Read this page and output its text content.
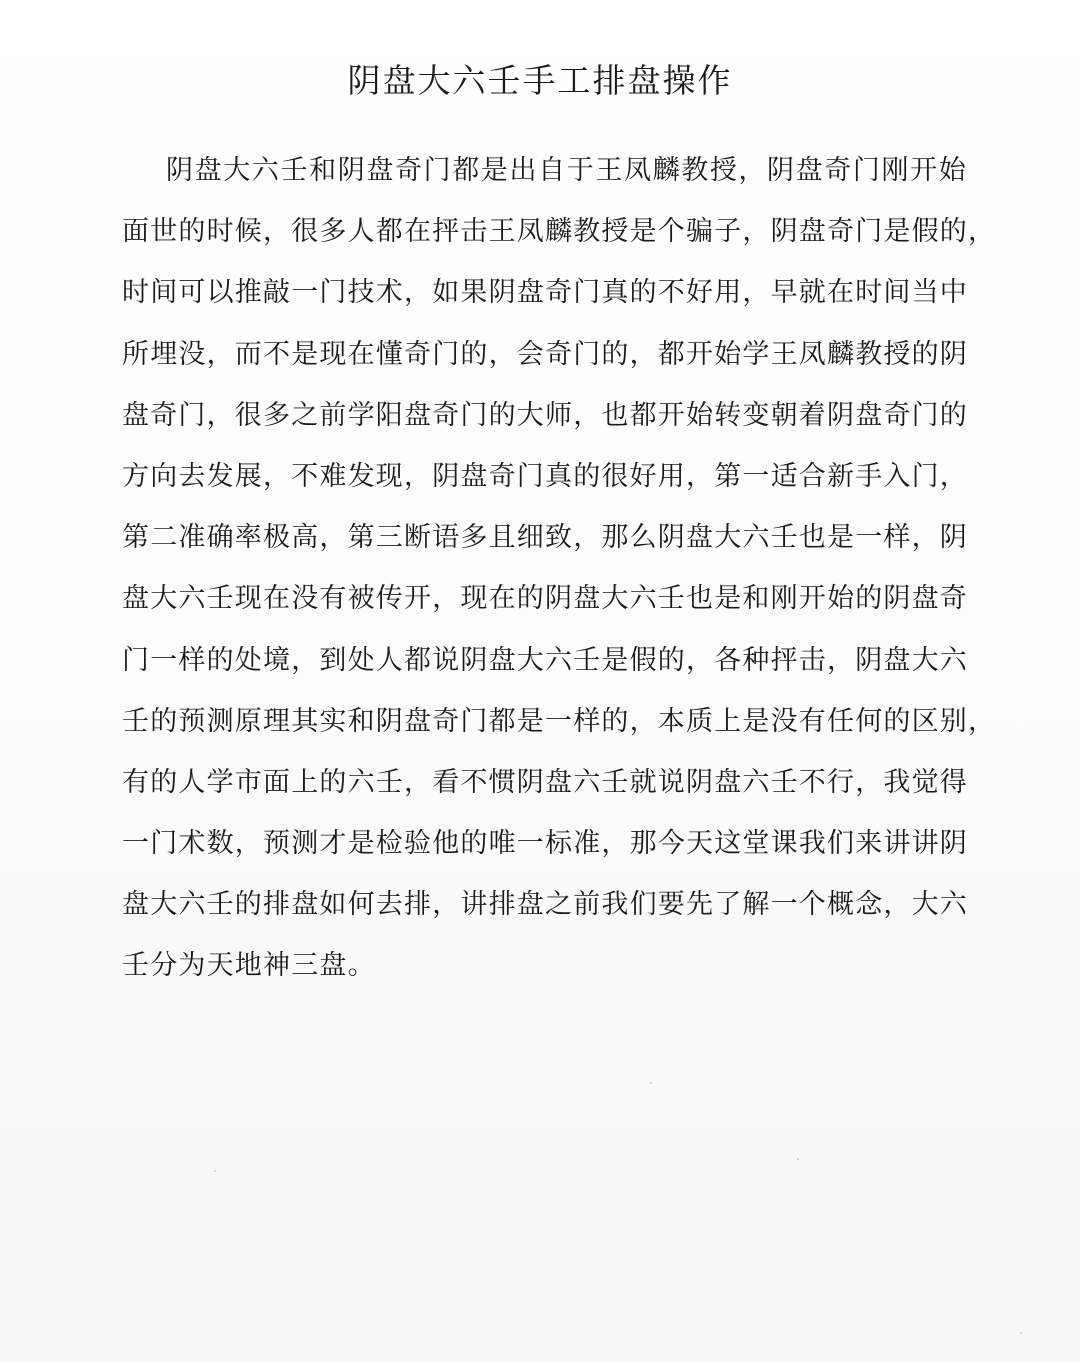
阴盘大六壬手工排盘操作
阴盘大六壬和阴盘奇门都是出自于王凤麟教授，阴盘奇门刚开始
面世的时候，很多人都在抨击王凤麟教授是个骗子，阴盘奇门是假的，
时间可以推敲一门技术，如果阴盘奇门真的不好用，早就在时间当中
所埋没，而不是现在懂奇门的，会奇门的，都开始学王凤麟教授的阴
盘奇门，很多之前学阳盘奇门的大师，也都开始转变朝着阴盘奇门的
方向去发展，不难发现，阴盘奇门真的很好用，第一适合新手入门，
第二准确率极高，第三断语多且细致，那么阴盘大六壬也是一样，阴
盘大六壬现在没有被传开，现在的阴盘大六壬也是和刚开始的阴盘奇
门一样的处境，到处人都说阴盘大六壬是假的，各种抨击，阴盘大六
壬的预测原理其实和阴盘奇门都是一样的，本质上是没有任何的区别，
有的人学市面上的六壬，看不惯阴盘六壬就说阴盘六壬不行，我觉得
一门术数，预测才是检验他的唯一标准，那今天这堂课我们来讲讲阴
盘大六壬的排盘如何去排，讲排盘之前我们要先了解一个概念，大六
壬分为天地神三盘。
